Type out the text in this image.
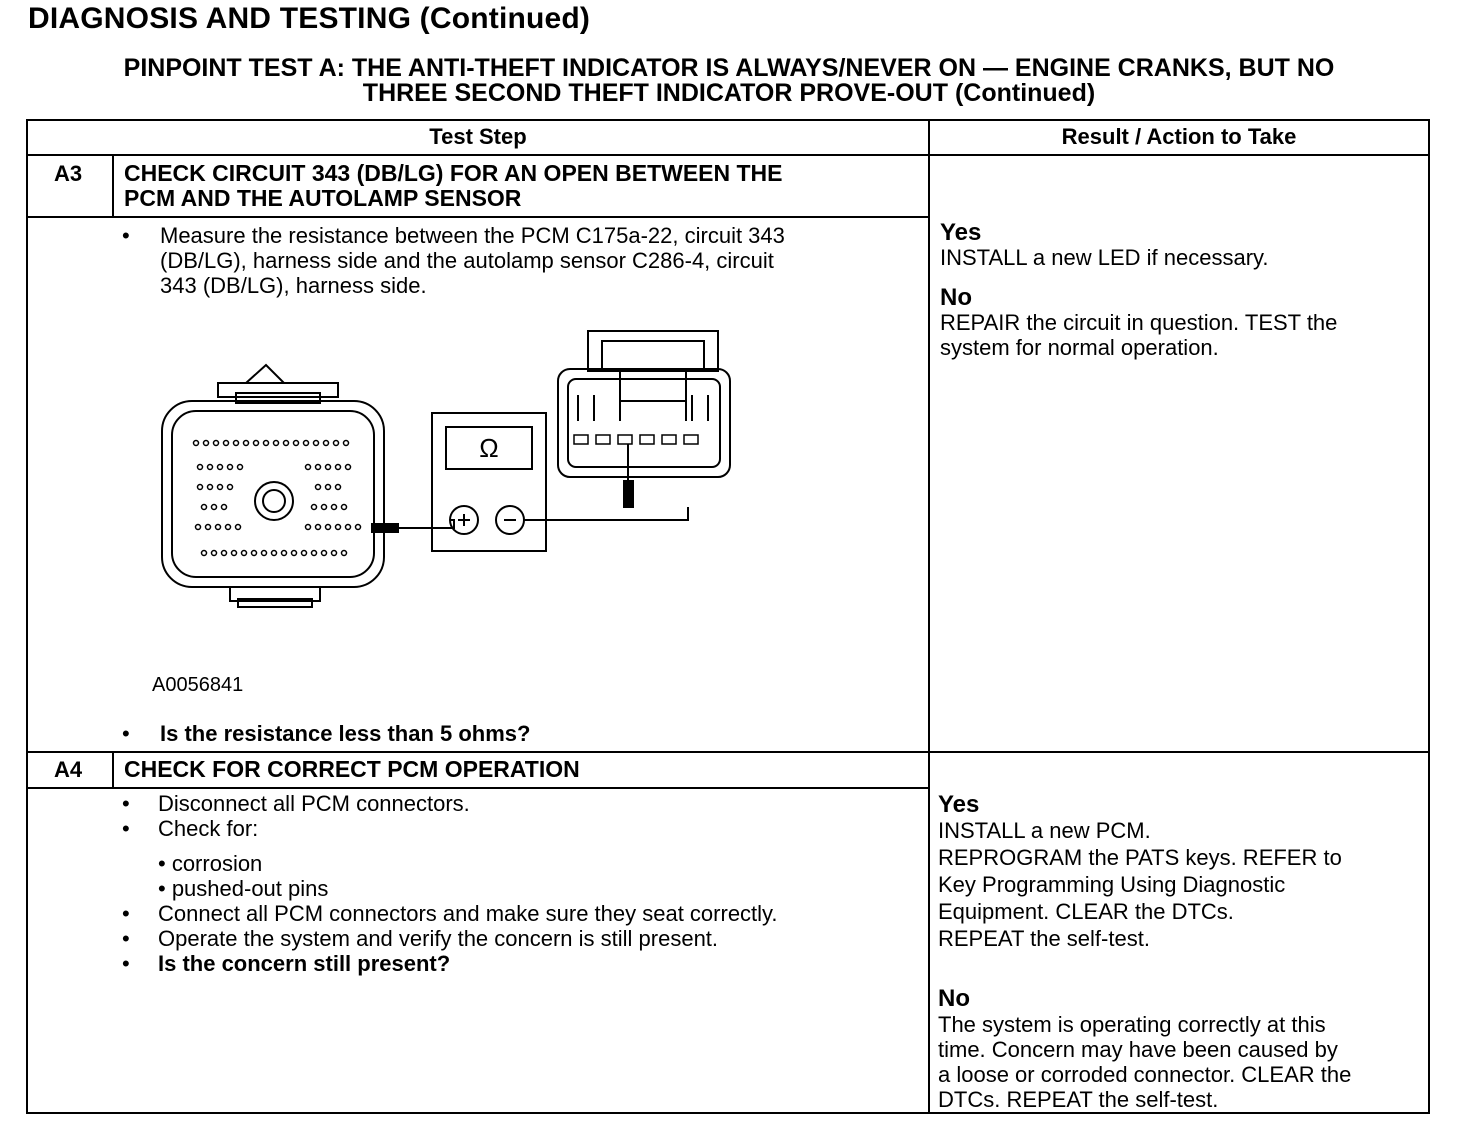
DIAGNOSIS AND TESTING (Continued)
PINPOINT TEST A: THE ANTI-THEFT INDICATOR IS ALWAYS/NEVER ON — ENGINE CRANKS, BUT NO
THREE SECOND THEFT INDICATOR PROVE-OUT (Continued)
Test Step	Result / Action to Take
A3 CHECK CIRCUIT 343 (DB/LG) FOR AN OPEN BETWEEN THE
PCM AND THE AUTOLAMP SENSOR
• Measure the resistance between the PCM C175a-22, circuit 343
(DB/LG), harness side and the autolamp sensor C286-4, circuit
343 (DB/LG), harness side.
Ω
A0056841
• Is the resistance less than 5 ohms?
Yes
INSTALL a new LED if necessary.
No
REPAIR the circuit in question. TEST the
system for normal operation.
A4 CHECK FOR CORRECT PCM OPERATION
• Disconnect all PCM connectors.
• Check for:
• corrosion
• pushed-out pins
• Connect all PCM connectors and make sure they seat correctly.
• Operate the system and verify the concern is still present.
• Is the concern still present?
Yes
INSTALL a new PCM.
REPROGRAM the PATS keys. REFER to
Key Programming Using Diagnostic
Equipment. CLEAR the DTCs.
REPEAT the self-test.
No
The system is operating correctly at this
time. Concern may have been caused by
a loose or corroded connector. CLEAR the
DTCs. REPEAT the self-test.
